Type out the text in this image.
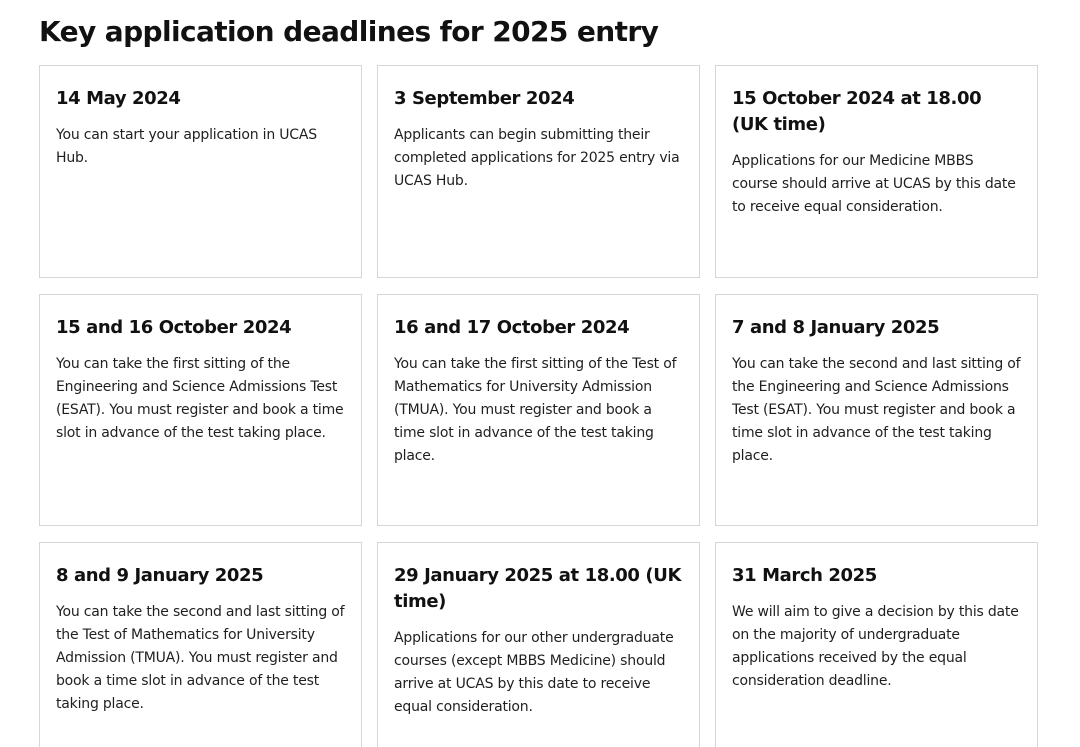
Key application deadlines for 2025 entry
14 May 2024

You can start your application in UCAS Hub.

3 September 2024

Applicants can begin submitting their completed applications for 2025 entry via UCAS Hub.

15 October 2024 at 18.00 (UK time)

Applications for our Medicine MBBS course should arrive at UCAS by this date to receive equal consideration.

15 and 16 October 2024

You can take the first sitting of the Engineering and Science Admissions Test (ESAT). You must register and book a time slot in advance of the test taking place.

16 and 17 October 2024

You can take the first sitting of the Test of Mathematics for University Admission (TMUA). You must register and book a time slot in advance of the test taking place.

7 and 8 January 2025

You can take the second and last sitting of the Engineering and Science Admissions Test (ESAT). You must register and book a time slot in advance of the test taking place.

8 and 9 January 2025

You can take the second and last sitting of the Test of Mathematics for University Admission (TMUA). You must register and book a time slot in advance of the test taking place.

29 January 2025 at 18.00 (UK time)

Applications for our other undergraduate courses (except MBBS Medicine) should arrive at UCAS by this date to receive equal consideration.

31 March 2025

We will aim to give a decision by this date on the majority of undergraduate applications received by the equal consideration deadline.
